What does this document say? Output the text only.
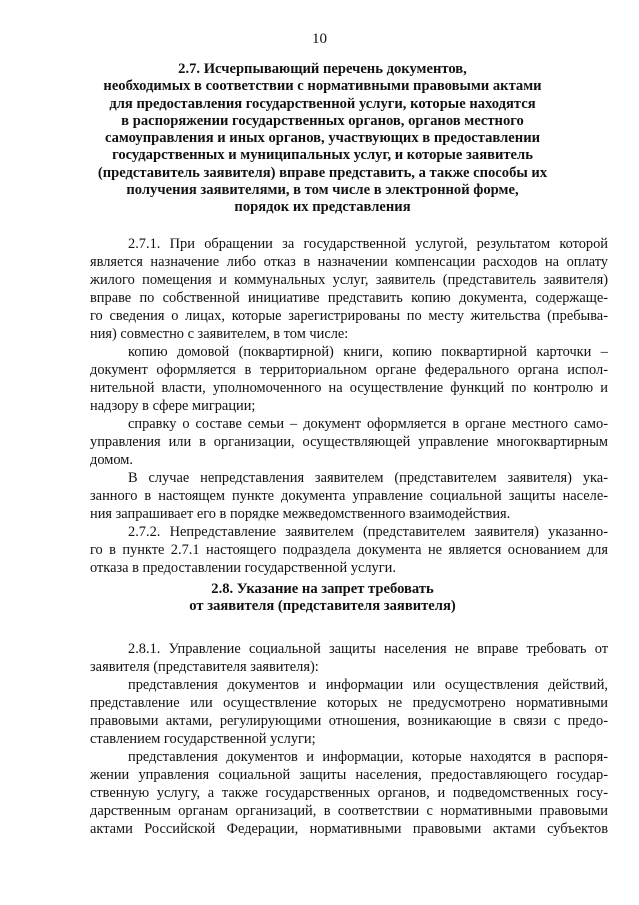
10
2.7. Исчерпывающий перечень документов,
необходимых в соответствии с нормативными правовыми актами
для предоставления государственной услуги, которые находятся
в распоряжении государственных органов, органов местного
самоуправления и иных органов, участвующих в предоставлении
государственных и муниципальных услуг, и которые заявитель
(представитель заявителя) вправе представить, а также способы их
получения заявителями, в том числе в электронной форме,
порядок их представления
2.7.1. При обращении за государственной услугой, результатом которой
является назначение либо отказ в назначении компенсации расходов на оплату
жилого помещения и коммунальных услуг, заявитель (представитель заявителя)
вправе по собственной инициативе представить копию документа, содержаще-
го сведения о лицах, которые зарегистрированы по месту жительства (пребыва-
ния) совместно с заявителем, в том числе:
копию домовой (поквартирной) книги, копию поквартирной карточки –
документ оформляется в территориальном органе федерального органа испол-
нительной власти, уполномоченного на осуществление функций по контролю и
надзору в сфере миграции;
справку о составе семьи – документ оформляется в органе местного само-
управления или в организации, осуществляющей управление многоквартирным
домом.
В случае непредставления заявителем (представителем заявителя) ука-
занного в настоящем пункте документа управление социальной защиты населе-
ния запрашивает его в порядке межведомственного взаимодействия.
2.7.2. Непредставление заявителем (представителем заявителя) указанно-
го в пункте 2.7.1 настоящего подраздела документа не является основанием для
отказа в предоставлении государственной услуги.
2.8. Указание на запрет требовать
от заявителя (представителя заявителя)
2.8.1. Управление социальной защиты населения не вправе требовать от
заявителя (представителя заявителя):
представления документов и информации или осуществления действий,
представление или осуществление которых не предусмотрено нормативными
правовыми актами, регулирующими отношения, возникающие в связи с предо-
ставлением государственной услуги;
представления документов и информации, которые находятся в распоря-
жении управления социальной защиты населения, предоставляющего государ-
ственную услугу, а также государственных органов, и подведомственных госу-
дарственным органам организаций, в соответствии с нормативными правовыми
актами Российской Федерации, нормативными правовыми актами субъектов
